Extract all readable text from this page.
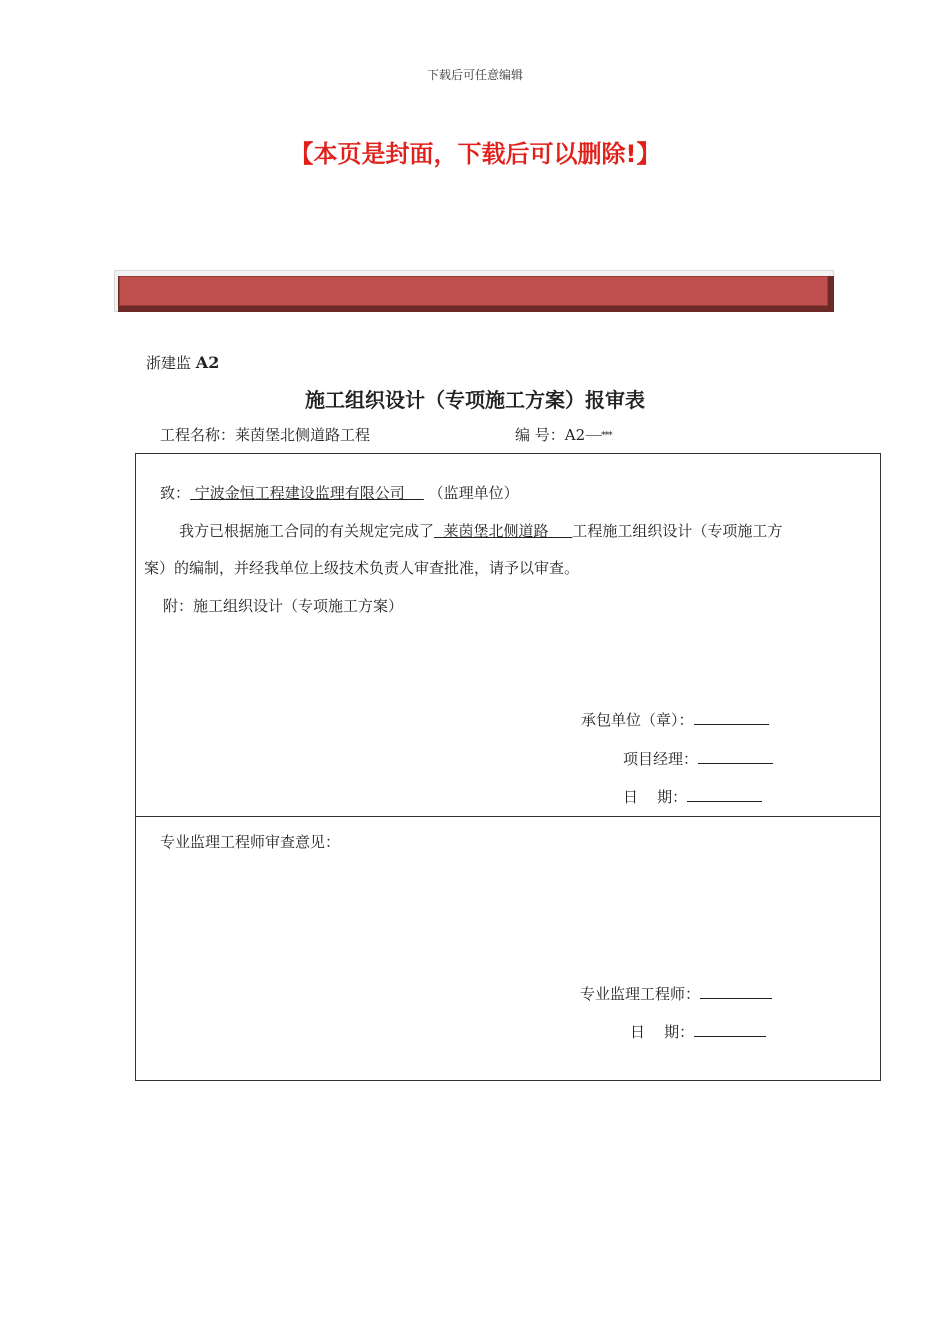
下载后可任意编辑
【本页是封面，下载后可以删除!】
浙建监 A2
施工组织设计（专项施工方案）报审表
工程名称：莱茵堡北侧道路工程	编 号：A2——***
致： 宁波金恒工程建设监理有限公司     （监理单位）
我方已根据施工合同的有关规定完成了  莱茵堡北侧道路     工程施工组织设计（专项施工方
案）的编制，并经我单位上级技术负责人审查批准，请予以审查。
附：施工组织设计（专项施工方案）
承包单位（章）：
项目经理：
日    期：
专业监理工程师审查意见：
专业监理工程师：
日    期：
